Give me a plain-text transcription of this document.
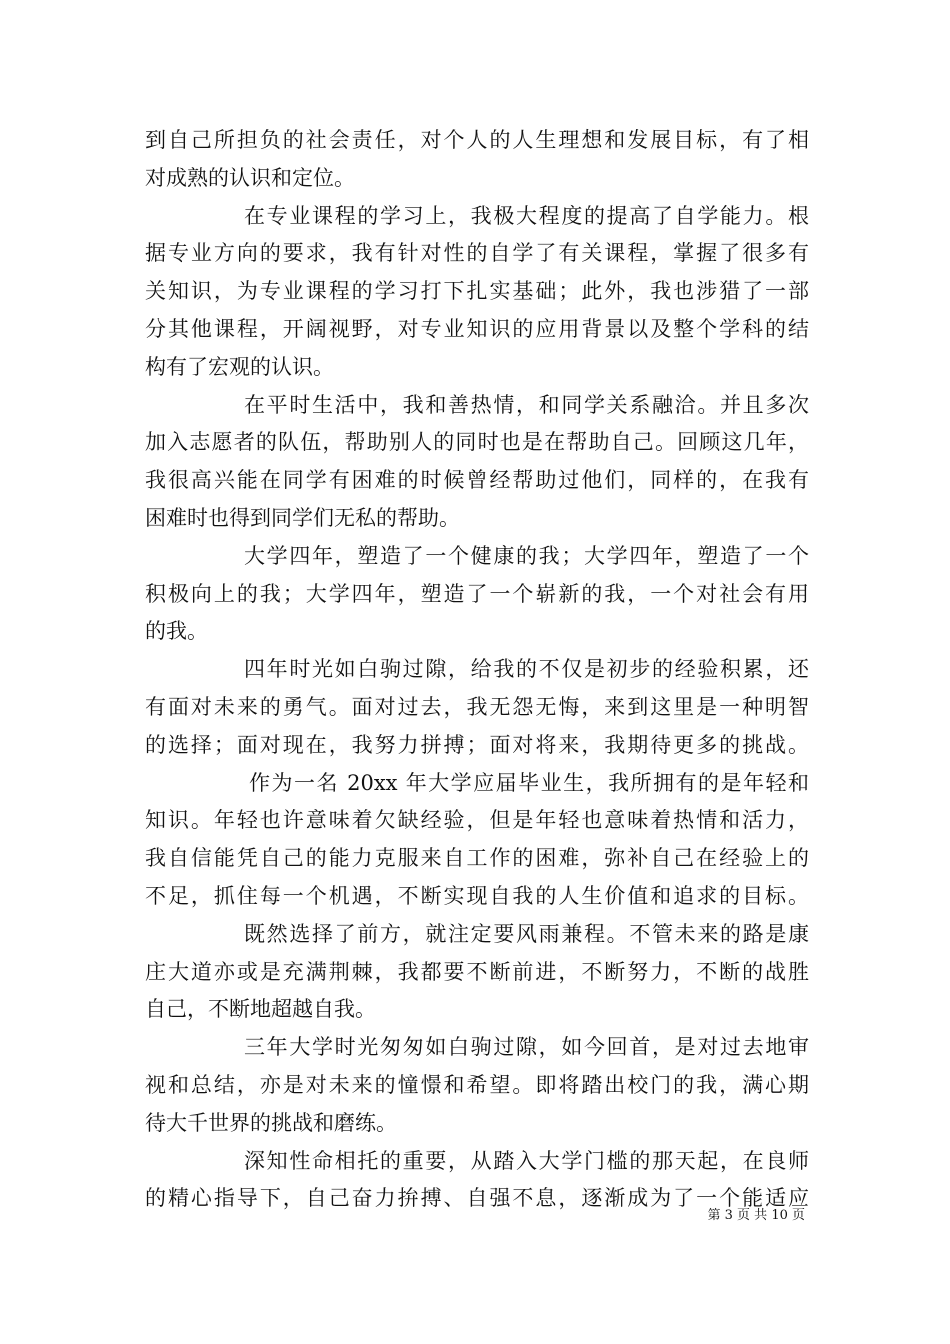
到自己所担负的社会责任，对个人的人生理想和发展目标，有了相
对成熟的认识和定位。
在专业课程的学习上，我极大程度的提高了自学能力。根
据专业方向的要求，我有针对性的自学了有关课程，掌握了很多有
关知识，为专业课程的学习打下扎实基础；此外，我也涉猎了一部
分其他课程，开阔视野，对专业知识的应用背景以及整个学科的结
构有了宏观的认识。
在平时生活中，我和善热情，和同学关系融洽。并且多次
加入志愿者的队伍，帮助别人的同时也是在帮助自己。回顾这几年，
我很高兴能在同学有困难的时候曾经帮助过他们，同样的，在我有
困难时也得到同学们无私的帮助。
大学四年，塑造了一个健康的我；大学四年，塑造了一个
积极向上的我；大学四年，塑造了一个崭新的我，一个对社会有用
的我。
四年时光如白驹过隙，给我的不仅是初步的经验积累，还
有面对未来的勇气。面对过去，我无怨无悔，来到这里是一种明智
的选择；面对现在，我努力拼搏；面对将来，我期待更多的挑战。
作为一名 20xx 年大学应届毕业生，我所拥有的是年轻和
知识。年轻也许意味着欠缺经验，但是年轻也意味着热情和活力，
我自信能凭自己的能力克服来自工作的困难，弥补自己在经验上的
不足，抓住每一个机遇，不断实现自我的人生价值和追求的目标。
既然选择了前方，就注定要风雨兼程。不管未来的路是康
庄大道亦或是充满荆棘，我都要不断前进，不断努力，不断的战胜
自己，不断地超越自我。
三年大学时光匆匆如白驹过隙，如今回首，是对过去地审
视和总结，亦是对未来的憧憬和希望。即将踏出校门的我，满心期
待大千世界的挑战和磨练。
深知性命相托的重要，从踏入大学门槛的那天起，在良师
的精心指导下，自己奋力拚搏、自强不息，逐渐成为了一个能适应
第 3 页 共 10 页
